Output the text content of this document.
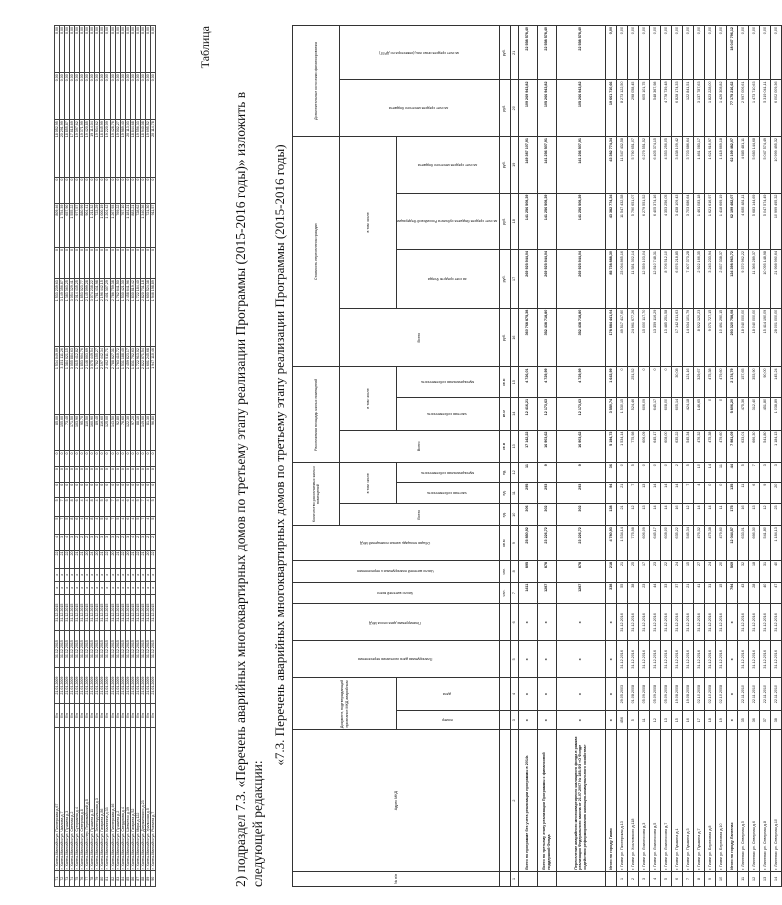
71	г. Ханты-Мансийск ул. Пионерская д.67	б/н	21.01.2009	31.12.2015	31.12.2015	x	x	22	4	5	5	0	0	0	85,00	1 534 049,09	1 533 239,63	0	809,46	0	18 052,95	0,00	0,00
72	г. Ханты-Мансийск ул. Чкалова д.7	б/н	21.01.2009	31.12.2015	31.12.2015	x	x	21	3	7	7	0	0	0	155,00	3 151 111,26	3 149 356,87	0	1 754,39	0	20 291,99	0,00	0,00
73	г. Ханты-Мансийск ул. Пушкина д.3	б/н	21.01.2009	31.12.2015	31.12.2015	x	x	22	4	5	5	0	0	0	73,40	1 384 021,15	1 383 363,25	0	657,90	0	18 855,87	0,00	0,00
74	г. Ханты-Мансийск ул. Светлая д.2	б/н	21.01.2009	31.12.2015	31.12.2015	x	x	20	3	8	8	0	0	0	171,50	3 055 884,63	3 054 329,41	0	1 555,22	0	17 818,69	0,00	0,00
75	г. Ханты-Мансийск ул. Сутормина д.4	б/н	21.01.2009	31.12.2015	31.12.2015	x	x	21	2	6	6	0	0	0	103,90	2 015 412,82	2 014 435,25	0	977,57	0	19 397,62	0,00	0,00
76	г. Ханты-Мансийск ул. Северная д.8	б/н	21.01.2009	31.12.2015	31.12.2015	x	x	21	2	4	4	0	0	0	95,70	1 853 904,76	1 853 023,77	0	880,99	0	19 371,99	0,00	0,00
77	г. Ханты-Мансийск пер. Первомайский д.5	б/н	21.01.2009	31.12.2015	31.12.2015	x	x	20	2	4	4	0	0	0	110,50	2 146 003,69	2 145 099,28	0	904,41	0	19 420,85	0,00	0,00
78	г. Ханты-Мансийск ул. Пушкина д.11	б/н	21.01.2009	31.12.2015	31.12.2015	x	x	24	3	8	8	0	0	0	160,90	3 075 449,54	3 074 238,22	0	1 211,32	0	19 114,04	0,00	0,00
79	г. Ханты-Мансийск ул. Зеленодольская д.3	б/н	21.01.2009	31.12.2015	31.12.2015	x	x	20	2	4	4	0	0	0	89,40	1 782 155,27	1 781 431,98	0	723,29	0	19 934,62	0,00	0,00
80	г. Ханты-Мансийск ул. Гагарина д.86	б/н	21.01.2009	31.12.2015	31.12.2015	x	x	21	3	5	5	0	0	0	116,60	2 197 442,34	2 196 442,15	0	1 000,19	0	18 845,99	0,00	0,00
81	г. Ханты-Мансийск ул. Калинина д.33	б/н	21.01.2009	31.12.2015	31.12.2015	x	x	22	3	6	6	0	0	0	125,00	2 402 511,71	2 401 307,29	0	1 204,42	0	19 220,09	0,00	0,00
82	г. Ханты-Мансийск ул. Пионерская д.46	б/н	21.01.2009	31.12.2015	31.12.2015	x	x	20	3	7	7	0	0	0	143,50	2 788 027,31	2 786 759,38	0	1 267,93	0	19 428,76	0,00	0,00
83	г. Ханты-Мансийск ул. Пушкина д.2	б/н	21.01.2009	31.12.2015	31.12.2015	x	x	21	2	5	5	0	0	0	92,80	1 763 410,72	1 762 641,50	0	769,22	0	19 002,27	0,00	0,00
84	г. Ханты-Мансийск ул. Свердлова д.4	б/н	21.01.2009	31.12.2015	31.12.2015	x	x	22	2	4	4	0	0	0	76,60	1 531 188,40	1 530 421,30	0	767,10	0	19 989,40	0,00	0,00
85	г. Ханты-Мансийск ул. Шевченко д.39	б/н	21.01.2009	31.12.2015	31.12.2015	x	x	20	3	6	6	0	0	0	122,30	2 459 823,17	2 458 641,96	0	1 181,21	0	20 113,03	0,00	0,00
86	г. Ханты-Мансийск ул. Гагарина д.52	б/н	21.01.2009	31.12.2015	31.12.2015	x	x	21	4	4	4	0	0	0	97,20	1 831 702,63	1 830 819,42	0	883,21	0	18 844,68	0,00	0,00
87	г. Ханты-Мансийск ул. Мира д.122	б/н	21.01.2009	31.12.2015	31.12.2015	x	x	22	2	5	5	0	0	0	88,10	1 722 913,02	1 722 184,40	0	728,62	0	19 556,33	0,00	0,00
88	г. Ханты-Мансийск ул. Дзержинского д.23	б/н	21.01.2009	31.12.2015	31.12.2015	x	x	21	3	7	7	0	0	0	149,00	2 822 071,54	2 820 731,18	0	1 340,36	0	18 940,08	0,00	0,00
89	г. Ханты-Мансийск ул. Уральская д.5	б/н	21.01.2009	31.12.2015	31.12.2015	x	x	20	2	4	4	0	0	0	81,30	1 601 245,68	1 600 524,38	0	721,30	0	19 695,52	0,00	0,00
90	г. Ханты-Мансийск ул. Рознина д.7	б/н	21.01.2009	31.12.2015	31.12.2015	x	x	22	2	5	5	0	0	0	96,80	1 947 110,46	1 946 198,89	0	911,57	0	20 114,78	0,00	0,00	Таблица

2) подраздел 7.3. «Перечень аварийных многоквартирных домов по третьему этапу реализации Программы (2015-2016 годы)» изложить в следующей редакции:

«7.3. Перечень аварийных многоквартирных домов по третьему этапу реализации Программы (2015-2016 годы)
№ п/п	Адрес МКД	Документ, подтверждающий признание МКД аварийным		Планируемая дата окончания переселения	Планируемая дата сноса МКД	Число жителей всего	Число жителей планируемых к переселению	Общая площадь жилых помещений МКД	Количество расселяемых жилых помещений			Расселяемая площадь жилых помещений			Стоимость переселения граждан				Дополнительные источники финансирования	
									Всего	в том числе		Всего	в том числе		Всего	в том числе			за счет средств местного бюджета	за счет средств иных лиц (инвестора по ДРЗТ)
		номер	дата							частная собственность	муниципальная собственность		частная собственность	муниципальная собственность		за счет средств Фонда	за счет средств бюджета субъекта Российской Федерации	за счет средств местного бюджета		
						чел.	чел.	кв.м	ед.	ед.	ед.	кв.м	кв.м	кв.м	руб.	руб.	руб.	руб.	руб.	руб.
1	2	3	4	5	6	7	8	9	10	11	12	13	14	15	16	17	18	19	20	21
	Всего по программе без учета реализации программы в 2014г.	x	x	x	x	1411	895	25 850,92	306	295	11	17 142,22	12 416,21	4 726,01	360 768 875,38	269 925 944,04	141 256 508,39	149 387 107,91	109 269 943,82	22 558 578,40
	Всего по третьему этапу реализации Программы с финансовой поддержкой Фонда	x	x	x	x	1287	878	23 226,72	302	293	9	16 903,62	12 173,63	4 729,99	352 438 718,80	269 925 944,04	141 256 508,39	141 256 507,91	105 266 943,82	22 558 578,40
	Переселение аварийного многоквартирного жилищного фонда в рамках реализации Федерального закона от 21.07.2007 № 185-ФЗ «О Фонде содействия реформированию жилищно-коммунального хозяйства»	x	x	x	x	1287	878	23 226,72	302	293	9	16 903,62	12 173,63	4 729,99	352 438 718,80	269 925 944,04	141 256 508,39	141 256 507,91	105 266 943,82	22 558 578,40
	Итого по городу Гиави	x	x	x	x	338	218	4 780,93	138	94	36	5 194,73	3 550,74	1 643,99	178 884 441,04	85 738 888,30	43 382 774,34	43 382 774,34	19 661 710,66	0,00
1	г. Гиави ул. Пионерская д.13	456	29.05.2003	31.12.2016	31.12.2016	55	21	1 534,14	21	21	0	1 534,14	1 530,15	0	49 517 417,60	23 094 865,16	11 547 432,58	11 547 432,58	8 273 122,50	0,00
2	г. Гиави ул. Хохловского д.118	5	01.08.2008	31.12.2016	31.12.2016	38	25	775,98	12	7	5	775,98	524,46	251,52	24 961 677,26	11 581 302,14	5 790 651,07	5 790 651,07	298 058,45	0,00
3	г. Гиави ул. Ломоносова д.3	11	05.09.2008	31.12.2016	31.12.2016	23	17	606,09	13	13	0	606,09	606,09	0	15 000 117,70	12 559 103,04	6 279 551,52	6 279 551,52	605 101,75	0,00
4	г. Гиави ул. Ломоносова д.5	12	05.09.2008	31.12.2016	31.12.2016	44	23	645,17	14	14	0	645,17	645,17	0	13 359 116,29	12 810 748,31	6 405 374,16	6 405 374,15	548 367,98	0,00
5	г. Гиави ул. Ломоносова д.7	13	05.09.2008	31.12.2016	31.12.2016	33	22	608,00	14	14	0	608,00	608,00	0	13 485 251,58	8 706 512,10	4 353 256,05	4 353 256,05	4 778 739,48	0,00
6	г. Гиави ул. Пушкина д.1	15	19.08.2008	31.12.2016	31.12.2016	37	24	635,22	16	14	2	635,22	605,14	30,08	17 142 611,63	6 876 218,85	3 438 109,43	3 438 109,42	6 828 174,33	0,00
7	г. Гиави ул. Пушкина д.3	16	19.08.2008	31.12.2016	31.12.2016	21	15	545,34	12	7	5	545,34	424,18	121,16	14 934 101,79	7 407 373,28	3 703 686,64	3 703 686,64	122 841,51	0,00
8	г. Гиави ул. Пушкина д.7	17	02.10.2008	31.12.2016	31.12.2016	41	27	476,32	14	4	10	476,32	146,65	329,67	8 922 120,23	2 922 166,35	1 461 083,18	1 461 083,17	3 137 787,63	0,00
9	г. Гиави ул. Березовая д.8	18	02.10.2008	31.12.2016	31.12.2016	31	24	475,38	14	0	14	475,38	0	475,38	9 071 727,15	3 243 233,94	1 621 616,97	1 621 616,97	1 823 228,00	0,00
10	г. Гиави ул. Березовая д.10	19	02.10.2008	31.12.2016	31.12.2016	15	20	479,60	11	0	11	479,60	0	479,60	10 491 290,15	2 837 338,37	1 418 669,19	1 418 669,18	1 426 308,82	0,00
	Итого по городу Лангепас	x	x	x	x	794	569	12 044,57	175	135	44	7 981,09	5 806,20	2 174,79	293 320 758,08	124 398 963,72	62 199 482,07	62 199 482,07	77 175 216,62	18 047 796,12
11	г. Лангепас ул. Северная д.5	35	22.11.2010	31.12.2016	31.12.2016	43	32	633,01	16	11	5	633,01	475,36	157,65	18 040 000,00	9 370 962,22	4 685 481,11	4 685 481,11	2 997 006,61	0,00
12	г. Лангепас ул. Северная д.6	36	22.11.2010	31.12.2016	31.12.2016	28	18	666,30	13	6	7	666,30	312,40	353,90	18 040 000,00	11 366 289,37	5 683 144,69	5 683 144,68	1 473 710,63	0,00
13	г. Лангепас ул. Северная д.8	37	22.11.2010	31.12.2016	31.12.2016	40	31	541,80	12	9	3	541,80	451,80	90,00	15 414 190,09	10 095 148,98	5 047 574,49	5 047 574,49	5 319 041,11	0,00
14	г. Лангепас ул. Северная д.10	38	22.11.2010	31.12.2016	31.12.2016	47	40	1 184,13	23	20	3	1 184,13	1 038,89	145,24	28 001 000,00	21 998 990,64	10 999 495,32	10 999 495,32	6 002 009,36	0,00
